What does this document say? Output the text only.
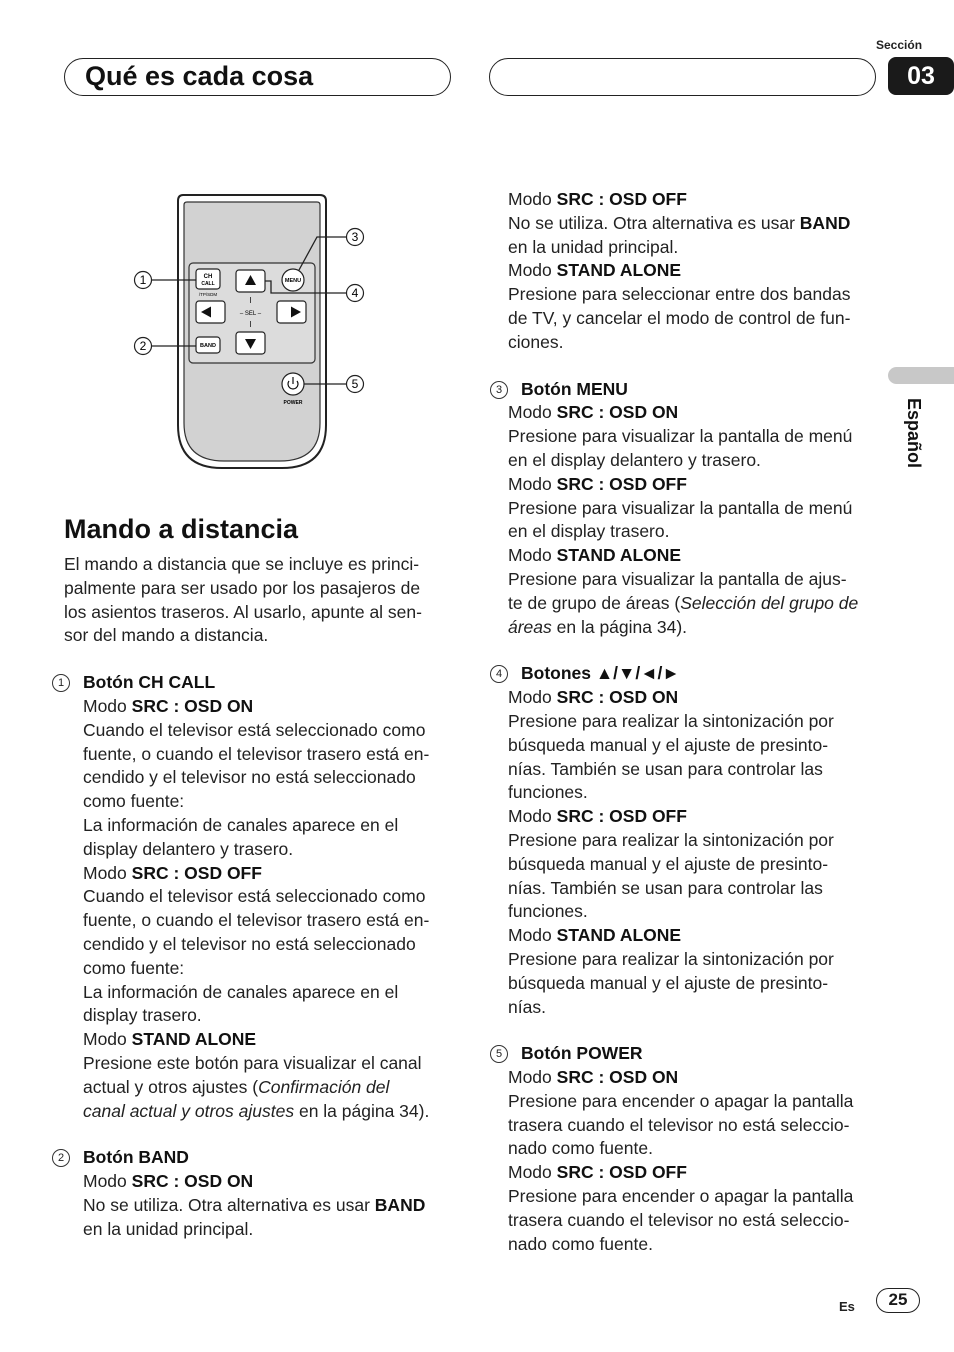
Qué es cada cosa
Sección
03
Español
CH
CALL
/TP/SDM
– SEL –
MENU
BAND
POWER
1
2
3
4
5
Mando a distancia

El mando a distancia que se incluye es princi-

palmente para ser usado por los pasajeros de

los asientos traseros. Al usarlo, apunte al sen-

sor del mando a distancia.

1	Botón CH CALL

Modo SRC : OSD ON

Cuando el televisor está seleccionado como

fuente, o cuando el televisor trasero está en-

cendido y el televisor no está seleccionado

como fuente:

La información de canales aparece en el

display delantero y trasero.

Modo SRC : OSD OFF

Cuando el televisor está seleccionado como

fuente, o cuando el televisor trasero está en-

cendido y el televisor no está seleccionado

como fuente:

La información de canales aparece en el

display trasero.

Modo STAND ALONE

Presione este botón para visualizar el canal

actual y otros ajustes (Confirmación del

canal actual y otros ajustes en la página 34).

2	Botón BAND

Modo SRC : OSD ON

No se utiliza. Otra alternativa es usar BAND

en la unidad principal.

Modo SRC : OSD OFF

No se utiliza. Otra alternativa es usar BAND

en la unidad principal.

Modo STAND ALONE

Presione para seleccionar entre dos bandas

de TV, y cancelar el modo de control de fun-

ciones.

3	Botón MENU

Modo SRC : OSD ON

Presione para visualizar la pantalla de menú

en el display delantero y trasero.

Modo SRC : OSD OFF

Presione para visualizar la pantalla de menú

en el display trasero.

Modo STAND ALONE

Presione para visualizar la pantalla de ajus-

te de grupo de áreas (Selección del grupo de

áreas en la página 34).

4	Botones ▲/▼/◄/►

Modo SRC : OSD ON

Presione para realizar la sintonización por

búsqueda manual y el ajuste de presinto-

nías. También se usan para controlar las

funciones.

Modo SRC : OSD OFF

Presione para realizar la sintonización por

búsqueda manual y el ajuste de presinto-

nías. También se usan para controlar las

funciones.

Modo STAND ALONE

Presione para realizar la sintonización por

búsqueda manual y el ajuste de presinto-

nías.

5	Botón POWER

Modo SRC : OSD ON

Presione para encender o apagar la pantalla

trasera cuando el televisor no está seleccio-

nado como fuente.

Modo SRC : OSD OFF

Presione para encender o apagar la pantalla

trasera cuando el televisor no está seleccio-

nado como fuente.

Es	25
